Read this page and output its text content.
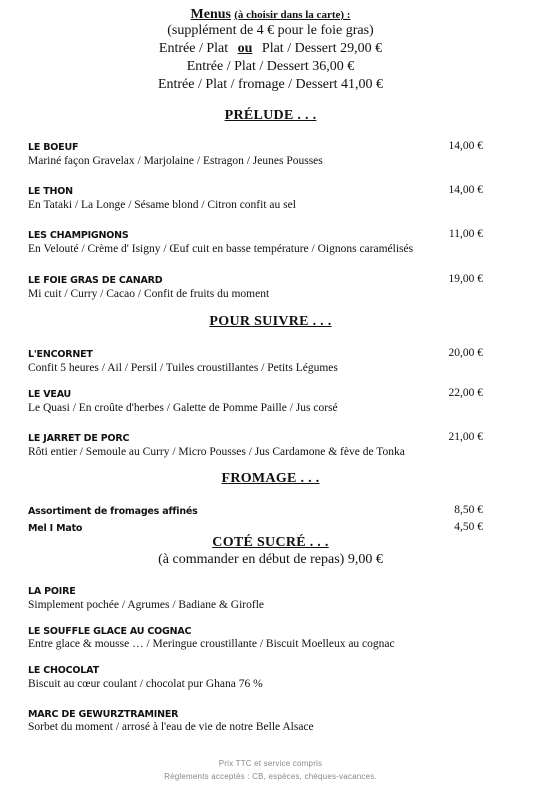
Menus (à choisir dans la carte) :
(supplément de 4 € pour le foie gras)
Entrée / Plat ou Plat / Dessert 29,00 €
Entrée / Plat / Dessert 36,00 €
Entrée / Plat / fromage / Dessert 41,00 €
PRÉLUDE . . .
LE BOEUF	14,00 €
Mariné façon Gravelax / Marjolaine / Estragon / Jeunes Pousses
LE THON	14,00 €
En Tataki / La Longe / Sésame blond / Citron confit au sel
LES CHAMPIGNONS	11,00 €
En Velouté / Crème d' Isigny / Œuf cuit en basse température / Oignons caramélisés
LE FOIE GRAS DE CANARD	19,00 €
Mi cuit / Curry / Cacao / Confit de fruits du moment
POUR SUIVRE . . .
L'ENCORNET	20,00 €
Confit 5 heures / Ail / Persil / Tuiles croustillantes / Petits Légumes
LE VEAU	22,00 €
Le Quasi / En croûte d'herbes / Galette de Pomme Paille / Jus corsé
LE JARRET DE PORC	21,00 €
Rôti entier / Semoule au Curry / Micro Pousses / Jus Cardamone & fève de Tonka
FROMAGE . . .
Assortiment de fromages affinés	8,50 €
Mel I Mato	4,50 €
COTÉ SUCRÉ . . .
(à commander en début de repas) 9,00 €
LA POIRE
Simplement pochée / Agrumes / Badiane & Girofle
LE SOUFFLE GLACE AU COGNAC
Entre glace & mousse … / Meringue croustillante / Biscuit Moelleux au cognac
LE CHOCOLAT
Biscuit au cœur coulant / chocolat pur Ghana 76 %
MARC DE GEWURZTRAMINER
Sorbet du moment / arrosé à l'eau de vie de notre Belle Alsace
Prix TTC et service compris
Règlements acceptés : CB, espèces, chèques-vacances.
